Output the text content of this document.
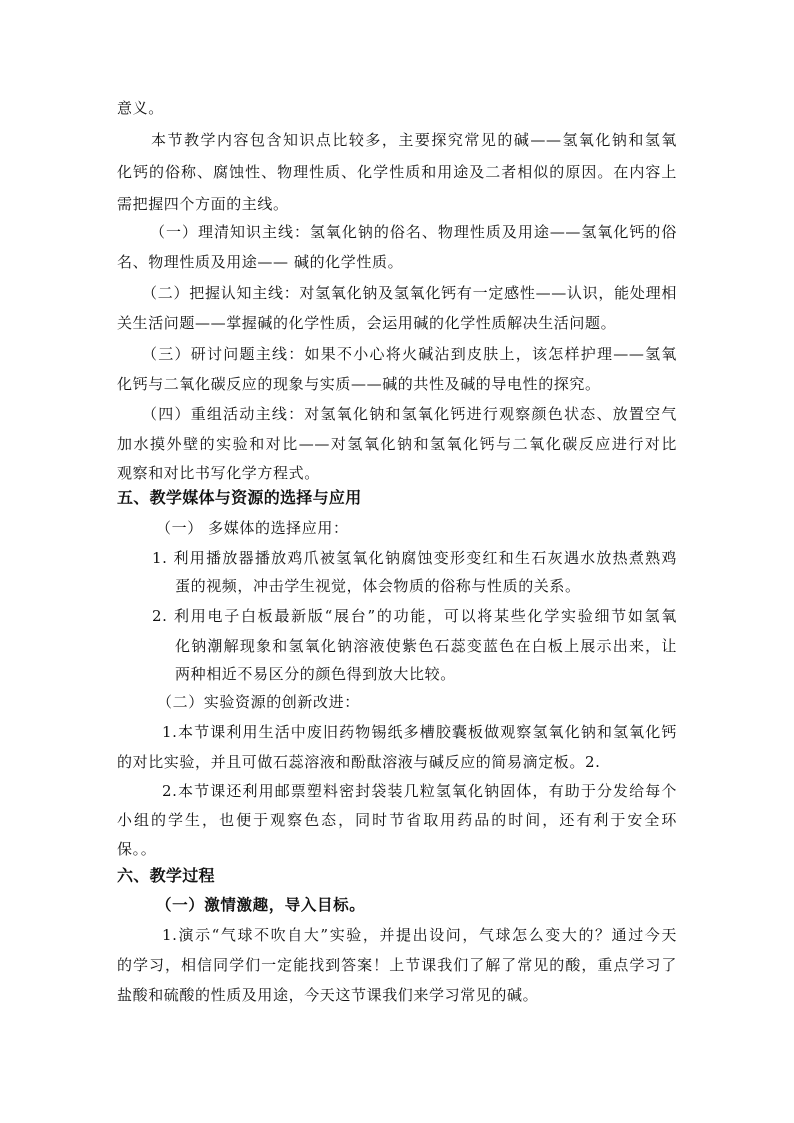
意义。
本节教学内容包含知识点比较多，主要探究常见的碱——氢氧化钠和氢氧
化钙的俗称、腐蚀性、物理性质、化学性质和用途及二者相似的原因。在内容上
需把握四个方面的主线。
（一）理清知识主线：氢氧化钠的俗名、物理性质及用途——氢氧化钙的俗
名、物理性质及用途—— 碱的化学性质。
（二）把握认知主线：对氢氧化钠及氢氧化钙有一定感性——认识，能处理相
关生活问题——掌握碱的化学性质，会运用碱的化学性质解决生活问题。
（三）研讨问题主线：如果不小心将火碱沾到皮肤上，该怎样护理——氢氧
化钙与二氧化碳反应的现象与实质——碱的共性及碱的导电性的探究。
（四）重组活动主线：对氢氧化钠和氢氧化钙进行观察颜色状态、放置空气
加水摸外壁的实验和对比——对氢氧化钠和氢氧化钙与二氧化碳反应进行对比
观察和对比书写化学方程式。
五、教学媒体与资源的选择与应用
（一） 多媒体的选择应用：
1. 利用播放器播放鸡爪被氢氧化钠腐蚀变形变红和生石灰遇水放热煮熟鸡
蛋的视频，冲击学生视觉，体会物质的俗称与性质的关系。
2. 利用电子白板最新版“展台”的功能，可以将某些化学实验细节如氢氧
化钠潮解现象和氢氧化钠溶液使紫色石蕊变蓝色在白板上展示出来，让
两种相近不易区分的颜色得到放大比较。
（二）实验资源的创新改进：
1.本节课利用生活中废旧药物锡纸多槽胶囊板做观察氢氧化钠和氢氧化钙
的对比实验，并且可做石蕊溶液和酚酞溶液与碱反应的简易滴定板。2.
2.本节课还利用邮票塑料密封袋装几粒氢氧化钠固体，有助于分发给每个
小组的学生，也便于观察色态，同时节省取用药品的时间，还有利于安全环
保。。
六、教学过程
（一）激情激趣，导入目标。
1.演示“气球不吹自大”实验，并提出设问，气球怎么变大的？通过今天
的学习，相信同学们一定能找到答案！上节课我们了解了常见的酸，重点学习了
盐酸和硫酸的性质及用途，今天这节课我们来学习常见的碱。
